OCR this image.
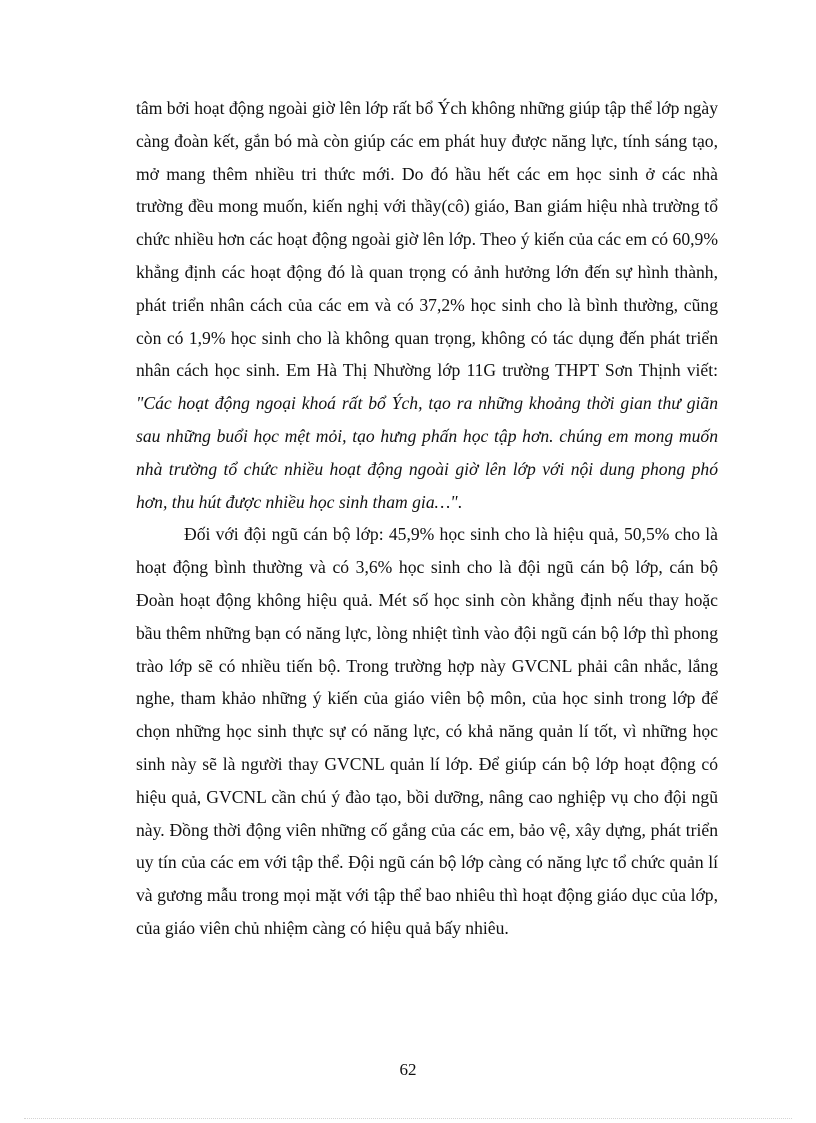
tâm bởi hoạt động ngoài giờ lên lớp rất bổ Ých không những giúp tập thể lớp ngày càng đoàn kết, gắn bó mà còn giúp các em phát huy được năng lực, tính sáng tạo, mở mang thêm nhiều tri thức mới. Do đó hầu hết các em học sinh ở các nhà trường đều mong muốn, kiến nghị với thầy(cô) giáo, Ban giám hiệu nhà trường tổ chức nhiều hơn các hoạt động ngoài giờ lên lớp. Theo ý kiến của các em có 60,9% khẳng định các hoạt động đó là quan trọng có ảnh hưởng lớn đến sự hình thành, phát triển nhân cách của các em và có 37,2% học sinh cho là bình thường, cũng còn có 1,9% học sinh cho là không quan trọng, không có tác dụng đến phát triển nhân cách học sinh. Em Hà Thị Nhường lớp 11G trường THPT Sơn Thịnh viết: "Các hoạt động ngoại khoá rất bổ Ých, tạo ra những khoảng thời gian thư giãn sau những buổi học mệt mỏi, tạo hưng phấn học tập hơn. chúng em mong muốn nhà trường tổ chức nhiều hoạt động ngoài giờ lên lớp với nội dung phong phó hơn, thu hút được nhiều học sinh tham gia…".

Đối với đội ngũ cán bộ lớp: 45,9% học sinh cho là hiệu quả, 50,5% cho là hoạt động bình thường và có 3,6% học sinh cho là đội ngũ cán bộ lớp, cán bộ Đoàn hoạt động không hiệu quả. Mét số học sinh còn khẳng định nếu thay hoặc bầu thêm những bạn có năng lực, lòng nhiệt tình vào đội ngũ cán bộ lớp thì phong trào lớp sẽ có nhiều tiến bộ. Trong trường hợp này GVCNL phải cân nhắc, lắng nghe, tham khảo những ý kiến của giáo viên bộ môn, của học sinh trong lớp để chọn những học sinh thực sự có năng lực, có khả năng quản lí tốt, vì những học sinh này sẽ là người thay GVCNL quản lí lớp. Để giúp cán bộ lớp hoạt động có hiệu quả, GVCNL cần chú ý đào tạo, bồi dưỡng, nâng cao nghiệp vụ cho đội ngũ này. Đồng thời động viên những cố gắng của các em, bảo vệ, xây dựng, phát triển uy tín của các em với tập thể. Đội ngũ cán bộ lớp càng có năng lực tổ chức quản lí và gương mẫu trong mọi mặt với tập thể bao nhiêu thì hoạt động giáo dục của lớp, của giáo viên chủ nhiệm càng có hiệu quả bấy nhiêu.

62
